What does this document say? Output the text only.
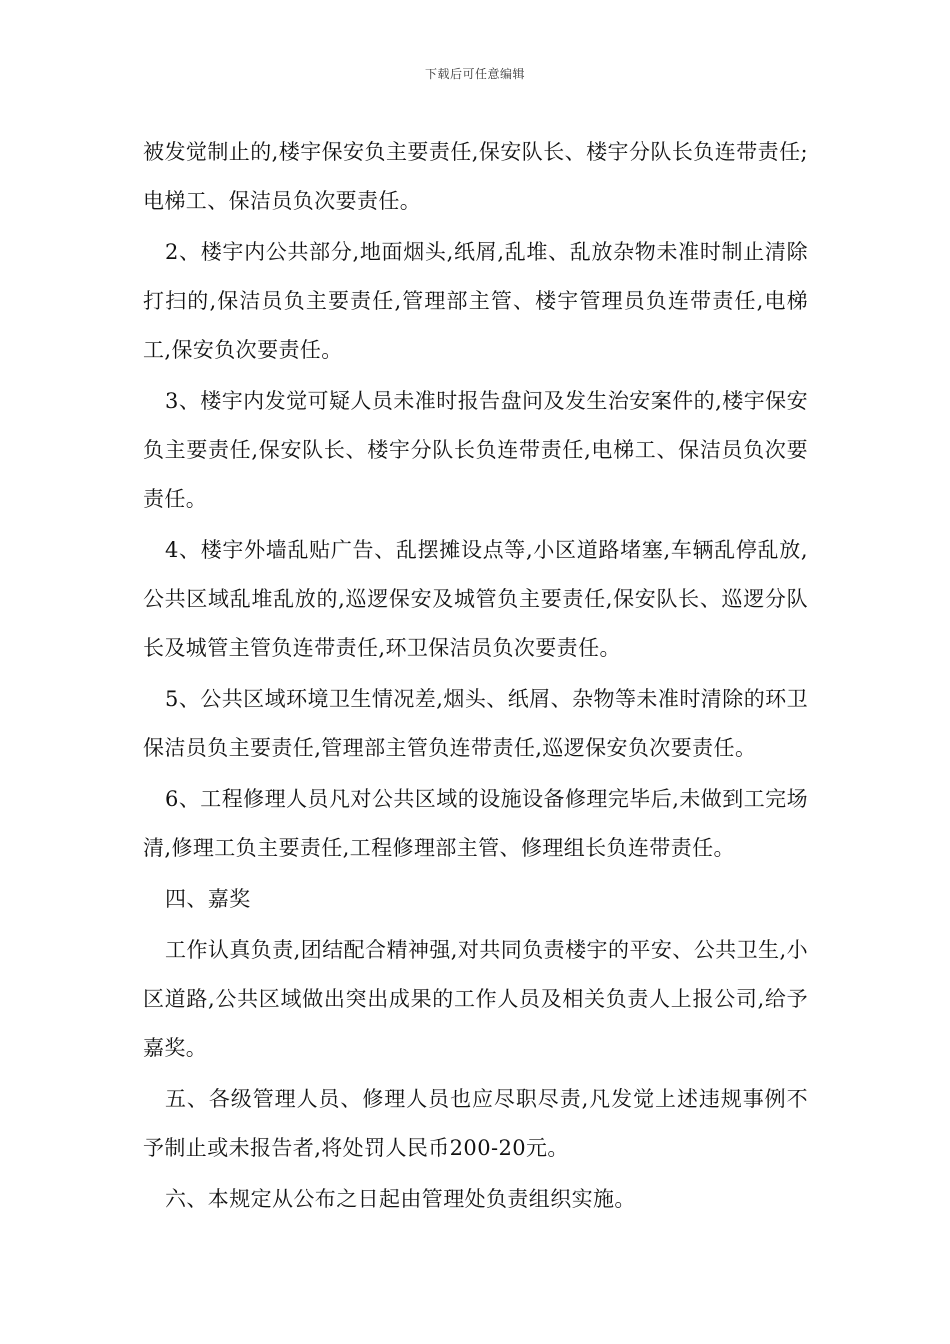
下载后可任意编辑

被发觉制止的,楼宇保安负主要责任,保安队长、楼宇分队长负连带责任;电梯工、保洁员负次要责任。

2、楼宇内公共部分,地面烟头,纸屑,乱堆、乱放杂物未准时制止清除打扫的,保洁员负主要责任,管理部主管、楼宇管理员负连带责任,电梯工,保安负次要责任。

3、楼宇内发觉可疑人员未准时报告盘问及发生治安案件的,楼宇保安负主要责任,保安队长、楼宇分队长负连带责任,电梯工、保洁员负次要责任。

4、楼宇外墙乱贴广告、乱摆摊设点等,小区道路堵塞,车辆乱停乱放,公共区域乱堆乱放的,巡逻保安及城管负主要责任,保安队长、巡逻分队长及城管主管负连带责任,环卫保洁员负次要责任。

5、公共区域环境卫生情况差,烟头、纸屑、杂物等未准时清除的环卫保洁员负主要责任,管理部主管负连带责任,巡逻保安负次要责任。

6、工程修理人员凡对公共区域的设施设备修理完毕后,未做到工完场清,修理工负主要责任,工程修理部主管、修理组长负连带责任。

四、嘉奖

工作认真负责,团结配合精神强,对共同负责楼宇的平安、公共卫生,小区道路,公共区域做出突出成果的工作人员及相关负责人上报公司,给予嘉奖。

五、各级管理人员、修理人员也应尽职尽责,凡发觉上述违规事例不予制止或未报告者,将处罚人民币200-20元。

六、本规定从公布之日起由管理处负责组织实施。
